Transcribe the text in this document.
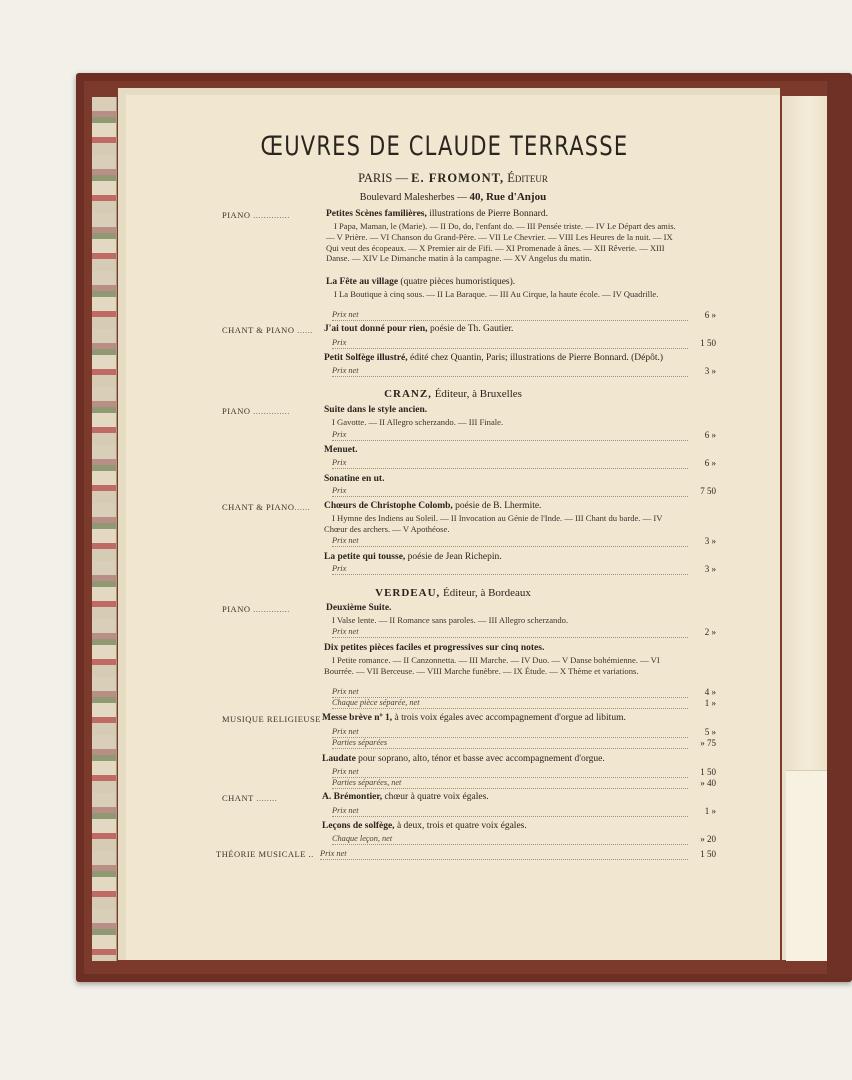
ŒUVRES DE CLAUDE TERRASSE
PARIS — E. FROMONT, Éditeur
Boulevard Malesherbes — 40, Rue d'Anjou
PIANO ..............	Petites Scènes familières, illustrations de Pierre Bonnard.
I Papa, Maman, le (Marie). — II Do, do, l'enfant do. — III Pensée triste. — IV Le Départ des amis. — V Prière. — VI Chanson du Grand-Père. — VII Le Chevrier. — VIII Les Heures de la nuit. — IX Qui veut des écopeaux. — X Premier air de Fifi. — XI Promenade à ânes. — XII Rêverie. — XIII Danse. — XIV Le Dimanche matin à la campagne. — XV Angelus du matin.
La Fête au village (quatre pièces humoristiques).
I La Boutique à cinq sous. — II La Baraque. — III Au Cirque, la haute école. — IV Quadrille.
Prix net	6 »
CHANT & PIANO ...... J'ai tout donné pour rien, poésie de Th. Gautier.
Prix	1 50
Petit Solfège illustré, édité chez Quantin, Paris; illustrations de Pierre Bonnard. (Dépôt.)
Prix net	3 »
CRANZ, Éditeur, à Bruxelles
PIANO ..............	Suite dans le style ancien.
I Gavotte. — II Allegro scherzando. — III Finale.
Prix	6 »
Menuet.
Prix	6 »
Sonatine en ut.
Prix	7 50
CHANT & PIANO...... Chœurs de Christophe Colomb, poésie de B. Lhermite.
I Hymne des Indiens au Soleil. — II Invocation au Génie de l'Inde. — III Chant du barde. — IV Chœur des archers. — V Apothéose.
Prix net	3 »
La petite qui tousse, poésie de Jean Richepin.
Prix	3 »
VERDEAU, Éditeur, à Bordeaux
PIANO ..............	Deuxième Suite.
I Valse lente. — II Romance sans paroles. — III Allegro scherzando.
Prix net	2 »
Dix petites pièces faciles et progressives sur cinq notes.
I Petite romance. — II Canzonnetta. — III Marche. — IV Duo. — V Danse bohémienne. — VI Bourrée. — VII Berceuse. — VIII Marche funèbre. — IX Étude. — X Thème et variations.
Prix net	4 »
Chaque pièce séparée, net	1 »
MUSIQUE RELIGIEUSE Messe brève nº 1, à trois voix égales avec accompagnement d'orgue ad libitum.
Prix net	5 »
Parties séparées	» 75
Laudate pour soprano, alto, ténor et basse avec accompagnement d'orgue.
Prix net	1 50
Parties séparées, net	» 40
CHANT ........	A. Brémontier, chœur à quatre voix égales.
Prix net	1 »
Leçons de solfège, à deux, trois et quatre voix égales.
Chaque leçon, net	» 20
THÉORIE MUSICALE .. Prix net	1 50
